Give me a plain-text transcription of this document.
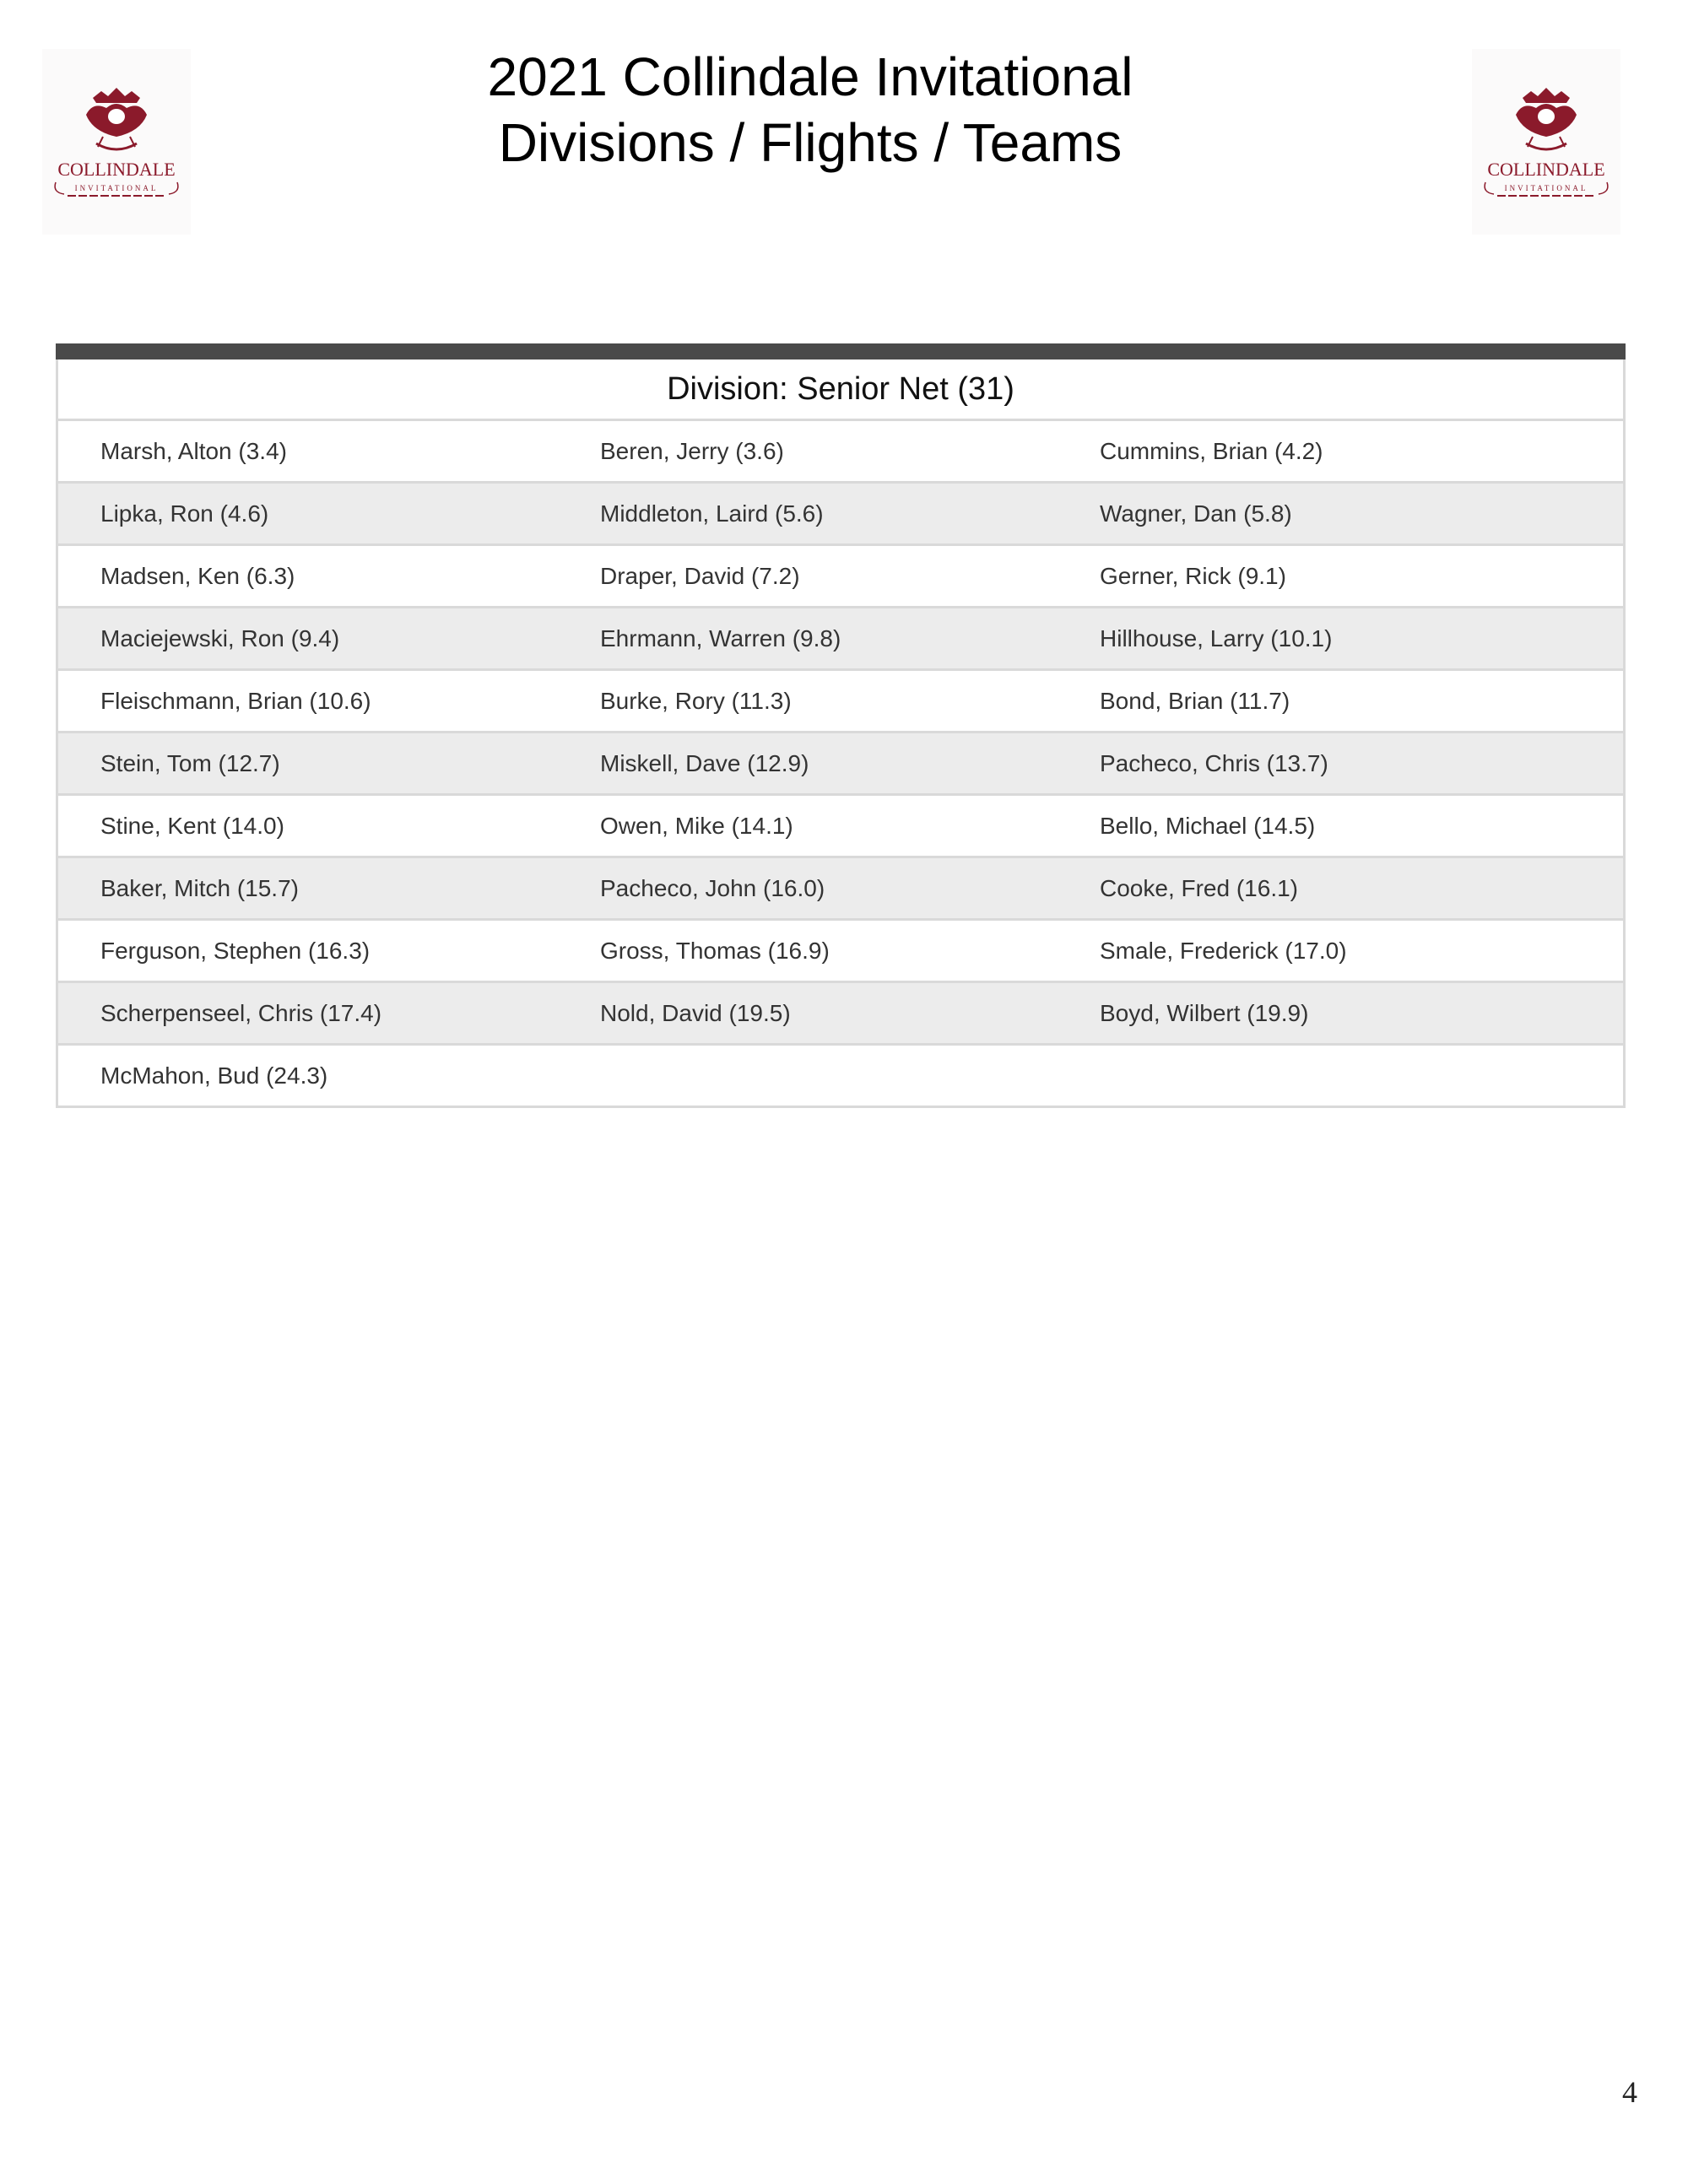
COLLINDALE
INVITATIONAL
2021 Collindale Invitational
Divisions / Flights / Teams	COLLINDALE
INVITATIONAL
Division: Senior Net (31)
Marsh, Alton (3.4)	Beren, Jerry (3.6)	Cummins, Brian (4.2)
Lipka, Ron (4.6)	Middleton, Laird (5.6)	Wagner, Dan (5.8)
Madsen, Ken (6.3)	Draper, David (7.2)	Gerner, Rick (9.1)
Maciejewski, Ron (9.4)	Ehrmann, Warren (9.8)	Hillhouse, Larry (10.1)
Fleischmann, Brian (10.6)	Burke, Rory (11.3)	Bond, Brian (11.7)
Stein, Tom (12.7)	Miskell, Dave (12.9)	Pacheco, Chris (13.7)
Stine, Kent (14.0)	Owen, Mike (14.1)	Bello, Michael (14.5)
Baker, Mitch (15.7)	Pacheco, John (16.0)	Cooke, Fred (16.1)
Ferguson, Stephen (16.3)	Gross, Thomas (16.9)	Smale, Frederick (17.0)
Scherpenseel, Chris (17.4)	Nold, David (19.5)	Boyd, Wilbert (19.9)
McMahon, Bud (24.3)
4
